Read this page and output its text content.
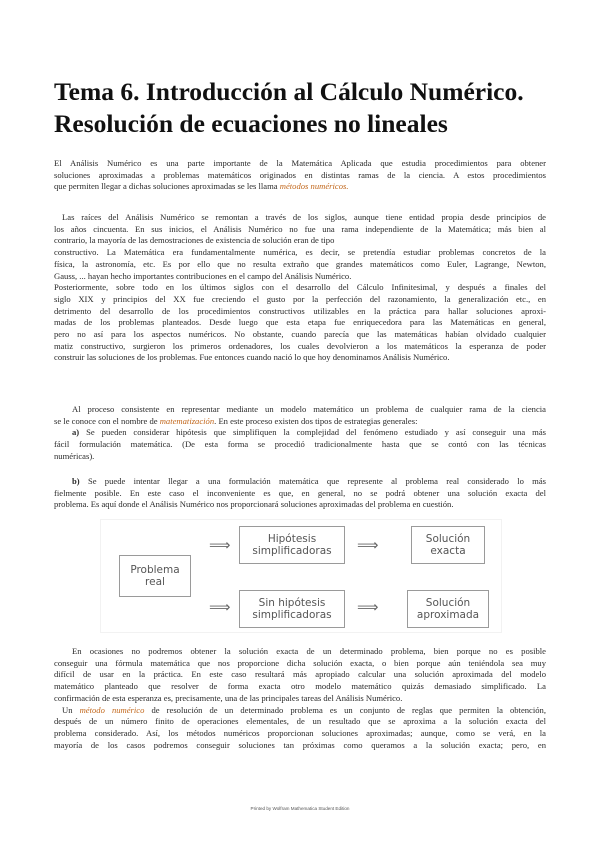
Tema 6. Introducción al Cálculo Numérico.
Resolución de ecuaciones no lineales
El Análisis Numérico es una parte importante de la Matemática Aplicada que estudia procedimientos para obtener
soluciones aproximadas a problemas matemáticos originados en distintas ramas de la ciencia. A estos procedimientos
que permiten llegar a dichas soluciones aproximadas se les llama métodos numéricos.
Las raíces del Análisis Numérico se remontan a través de los siglos, aunque tiene entidad propia desde principios de
los años cincuenta. En sus inicios, el Análisis Numérico no fue una rama independiente de la Matemática; más bien al
contrario, la mayoría de las demostraciones de existencia de solución eran de tipo
constructivo. La Matemática era fundamentalmente numérica, es decir, se pretendía estudiar problemas concretos de la
física, la astronomía, etc. Es por ello que no resulta extraño que grandes matemáticos como Euler, Lagrange, Newton,
Gauss, ... hayan hecho importantes contribuciones en el campo del Análisis Numérico.
Posteriormente, sobre todo en los últimos siglos con el desarrollo del Cálculo Infinitesimal, y después a finales del
siglo XIX y principios del XX fue creciendo el gusto por la perfección del razonamiento, la generalización etc., en
detrimento del desarrollo de los procedimientos constructivos utilizables en la práctica para hallar soluciones aproxi-
madas de los problemas planteados. Desde luego que esta etapa fue enriquecedora para las Matemáticas en general,
pero no así para los aspectos numéricos. No obstante, cuando parecía que las matemáticas habían olvidado cualquier
matiz constructivo, surgieron los primeros ordenadores, los cuales devolvieron a los matemáticos la esperanza de poder
construir las soluciones de los problemas. Fue entonces cuando nació lo que hoy denominamos Análisis Numérico.
Al proceso consistente en representar mediante un modelo matemático un problema de cualquier rama de la ciencia
se le conoce con el nombre de matematización. En este proceso existen dos tipos de estrategias generales:
a) Se pueden considerar hipótesis que simplifiquen la complejidad del fenómeno estudiado y así conseguir una más
fácil formulación matemática. (De esta forma se procedió tradicionalmente hasta que se contó con las técnicas
numéricas).
b) Se puede intentar llegar a una formulación matemática que represente al problema real considerado lo más
fielmente posible. En este caso el inconveniente es que, en general, no se podrá obtener una solución exacta del
problema. Es aquí donde el Análisis Numérico nos proporcionará soluciones aproximadas del problema en cuestión.
Problema
real
⟹
⟹
Hipótesis
simplificadoras
Sin hipótesis
simplificadoras
⟹
⟹
Solución
exacta
Solución
aproximada
En ocasiones no podremos obtener la solución exacta de un determinado problema, bien porque no es posible
conseguir una fórmula matemática que nos proporcione dicha solución exacta, o bien porque aún teniéndola sea muy
difícil de usar en la práctica. En este caso resultará más apropiado calcular una solución aproximada del modelo
matemático planteado que resolver de forma exacta otro modelo matemático quizás demasiado simplificado. La
confirmación de esta esperanza es, precisamente, una de las principales tareas del Análisis Numérico.
Un método numérico de resolución de un determinado problema es un conjunto de reglas que permiten la obtención,
después de un número finito de operaciones elementales, de un resultado que se aproxima a la solución exacta del
problema considerado. Así, los métodos numéricos proporcionan soluciones aproximadas; aunque, como se verá, en la
mayoría de los casos podremos conseguir soluciones tan próximas como queramos a la solución exacta; pero, en
Printed by Wolfram Mathematica Student Edition
